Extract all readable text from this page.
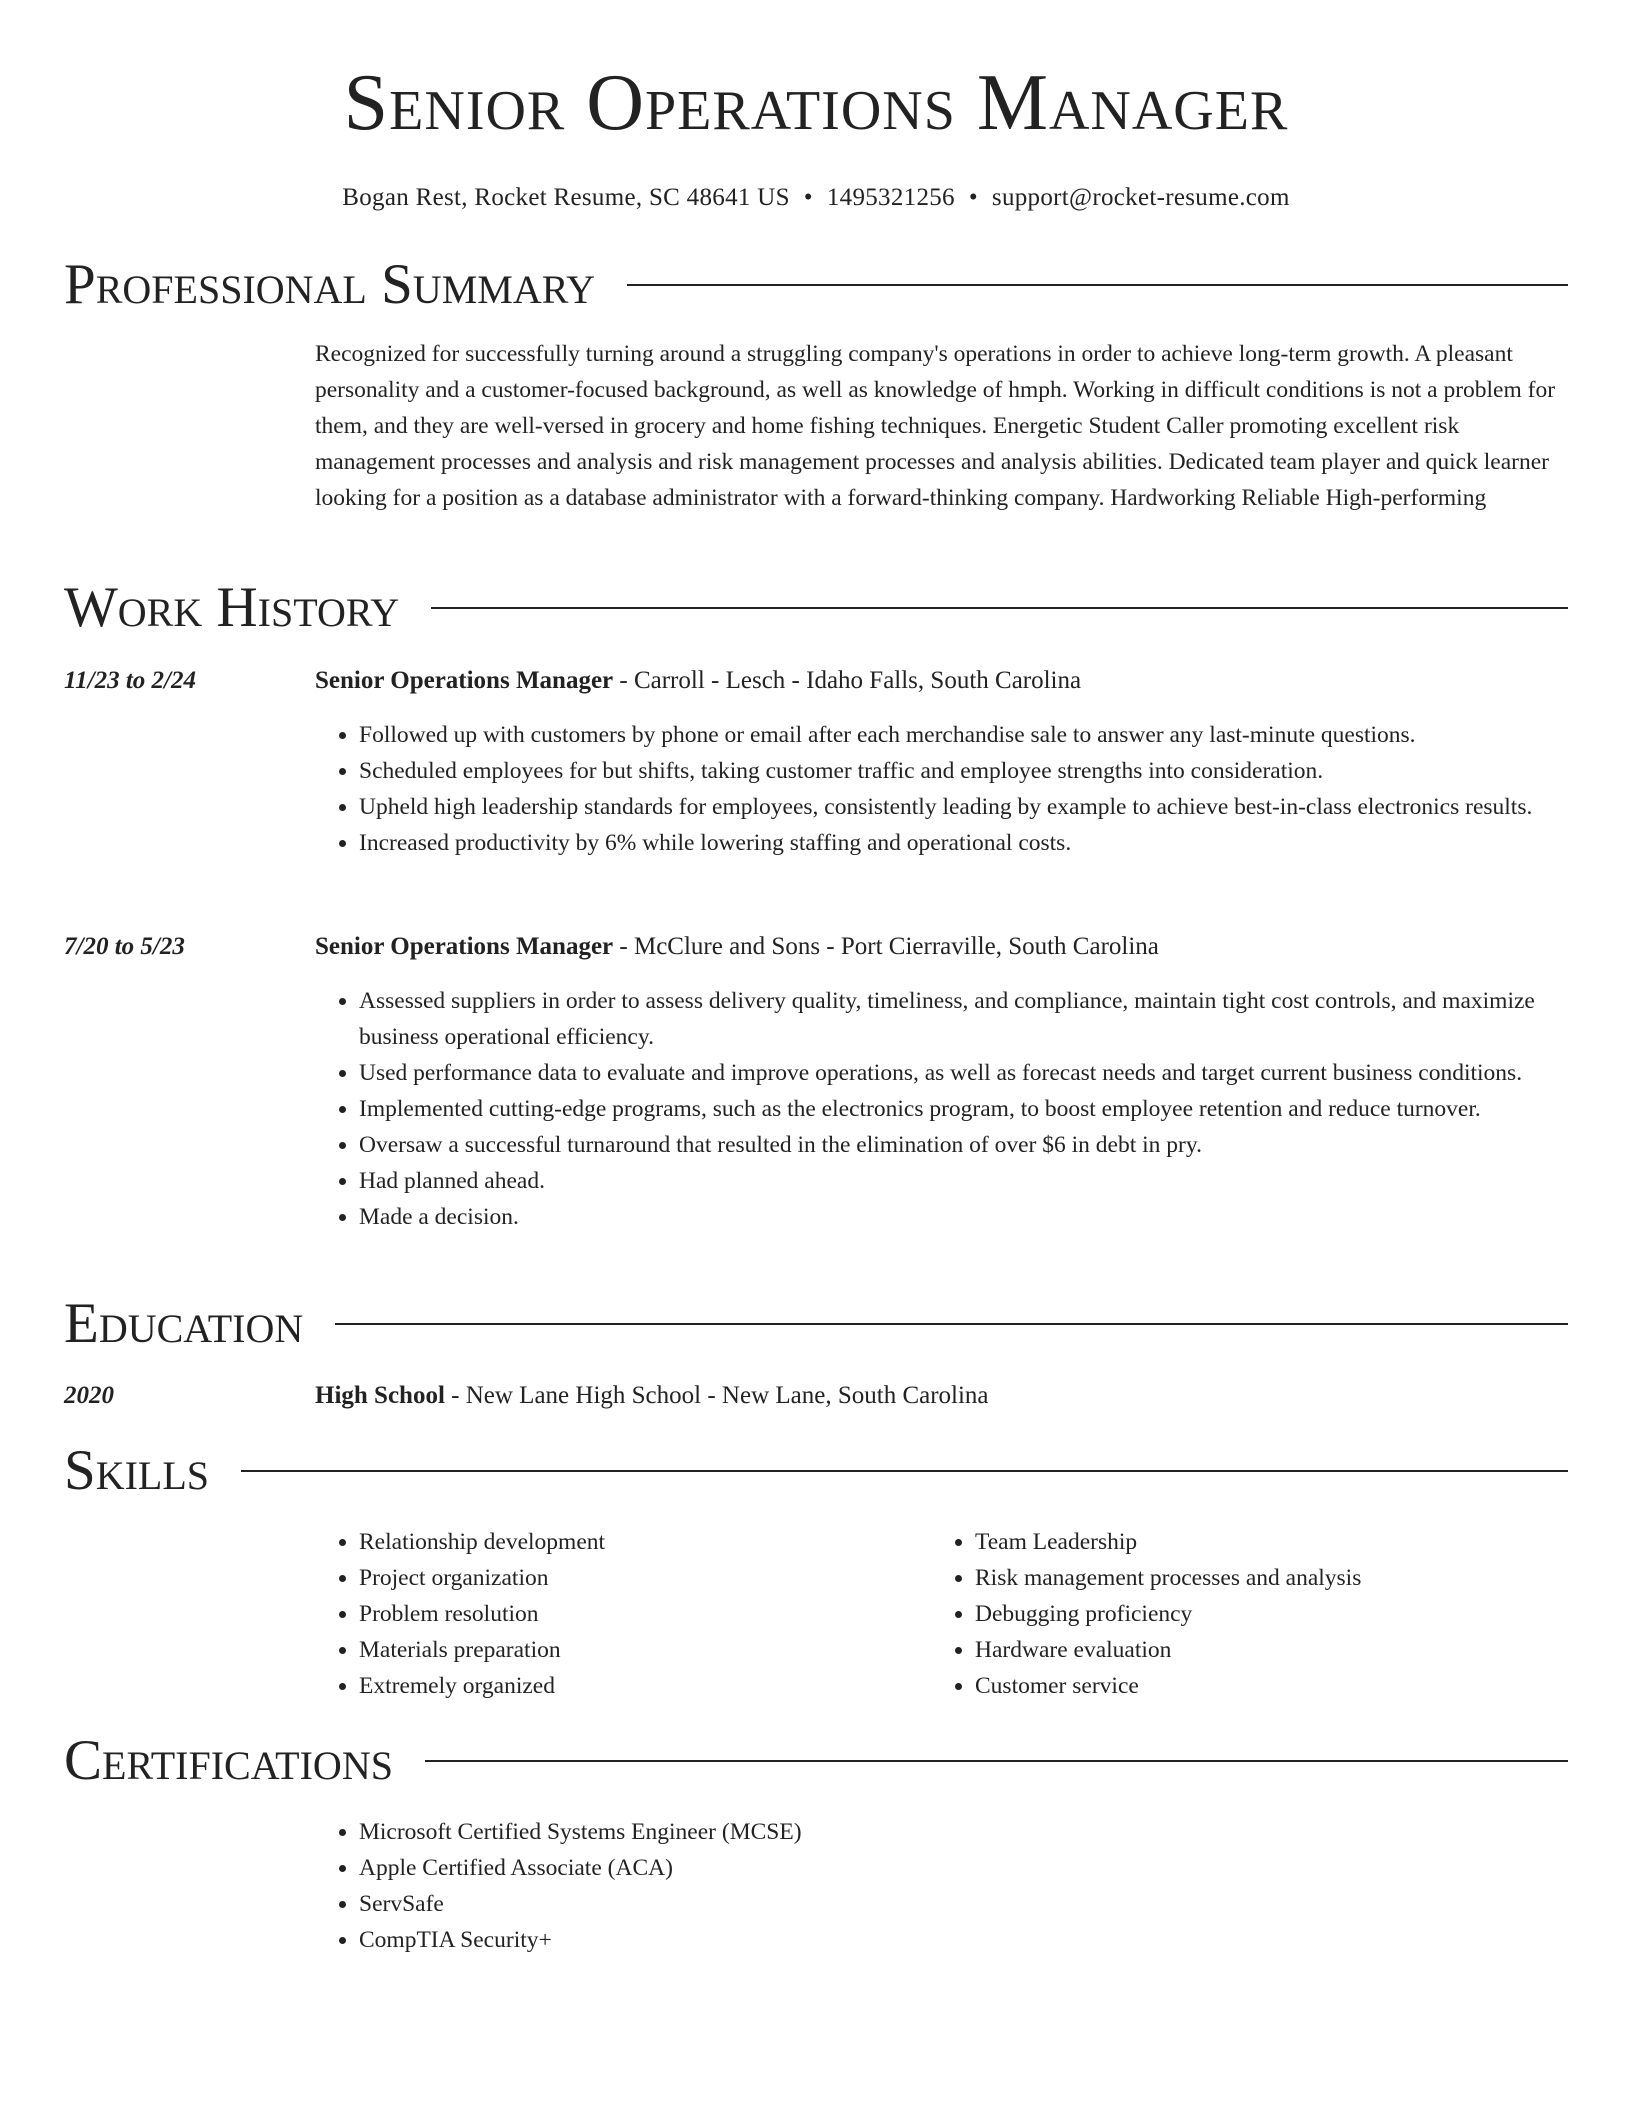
Senior Operations Manager
Bogan Rest, Rocket Resume, SC 48641 US • 1495321256 • support@rocket-resume.com
Professional Summary
Recognized for successfully turning around a struggling company's operations in order to achieve long-term growth. A pleasant personality and a customer-focused background, as well as knowledge of hmph. Working in difficult conditions is not a problem for them, and they are well-versed in grocery and home fishing techniques. Energetic Student Caller promoting excellent risk management processes and analysis and risk management processes and analysis abilities. Dedicated team player and quick learner looking for a position as a database administrator with a forward-thinking company. Hardworking Reliable High-performing
Work History
11/23 to 2/24	Senior Operations Manager - Carroll - Lesch - Idaho Falls, South Carolina
• Followed up with customers by phone or email after each merchandise sale to answer any last-minute questions.
• Scheduled employees for but shifts, taking customer traffic and employee strengths into consideration.
• Upheld high leadership standards for employees, consistently leading by example to achieve best-in-class electronics results.
• Increased productivity by 6% while lowering staffing and operational costs.
7/20 to 5/23	Senior Operations Manager - McClure and Sons - Port Cierraville, South Carolina
• Assessed suppliers in order to assess delivery quality, timeliness, and compliance, maintain tight cost controls, and maximize business operational efficiency.
• Used performance data to evaluate and improve operations, as well as forecast needs and target current business conditions.
• Implemented cutting-edge programs, such as the electronics program, to boost employee retention and reduce turnover.
• Oversaw a successful turnaround that resulted in the elimination of over $6 in debt in pry.
• Had planned ahead.
• Made a decision.
Education
2020	High School - New Lane High School - New Lane, South Carolina
Skills
• Relationship development
• Project organization
• Problem resolution
• Materials preparation
• Extremely organized
• Team Leadership
• Risk management processes and analysis
• Debugging proficiency
• Hardware evaluation
• Customer service
Certifications
• Microsoft Certified Systems Engineer (MCSE)
• Apple Certified Associate (ACA)
• ServSafe
• CompTIA Security+
